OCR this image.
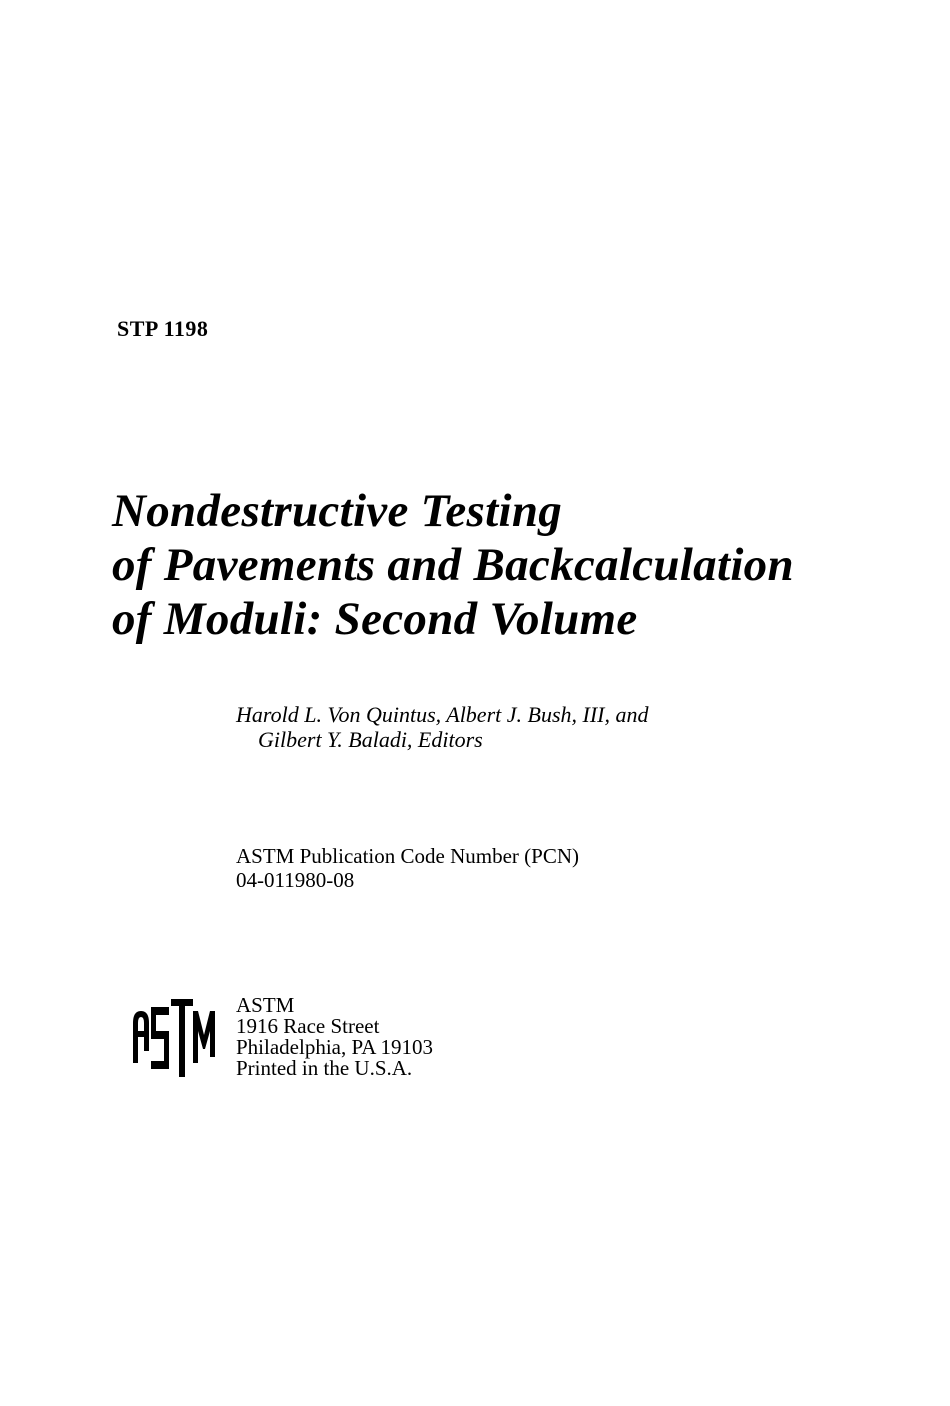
STP 1198

Nondestructive Testing
of Pavements and Backcalculation
of Moduli: Second Volume

Harold L. Von Quintus, Albert J. Bush, III, and
Gilbert Y. Baladi, Editors

ASTM Publication Code Number (PCN)
04-011980-08

ASTM
1916 Race Street
Philadelphia, PA 19103
Printed in the U.S.A.
